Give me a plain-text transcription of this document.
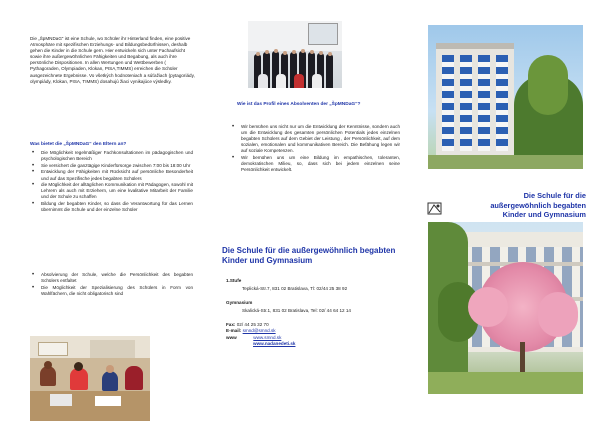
Die „ŠpMNDaG“ ist eine Schule, wo Schüler ihr Hinterland finden, eine positive Atmosphäre mit spezifischen Erziehungs- und Bildungsbedürfnissen, deshalb gehen die Kinder in die Schule gern. Hier entwickeln sich unter Fachaufsicht sowie ihre außergewöhnlichen Fähigkeiten und Begabung, als auch ihre persönliche Dispositionen. In allen Wertungen und Wettbewerben ( Pythagoraden, Olympiaden, Klokan, PISA,TIMMS) erreichen die Schüler ausgezeichnete Ergebnisse. Vo všetkých hodnoteniach a súťažiach (pytagoriády, olympiády, Klokan, PISA, TIMMS) dosahujú žiaci vynikajúce výsledky.

Was bietet die „ŠpMNDaG“ den Eltern an?
• Die Möglichkeit regelmäßiger Fachkonsultationen im pädagogischen und psychologischen Bereich
• Sie versichert die ganztägige Kinderfürsorge zwischen 7:00 bis 18:00 Uhr
• Entwicklung der Fähigkeiten mit Rücksicht auf persönliche Besonderheit und auf das Spezifische jedes begabten Schülers
• die Möglichkeit der alltäglichen Kommunikation mit Pädagogen, sowohl mit Lehrern als auch mit Erziehern, um eine kvalitative Mitarbeit der Familie und der Schule zu schaffen
• Bildung der begabten Kinder, so dass die Verantwortung für das Lernen übernimmt die Schule und der einzelne Schüler
• Absolvierung der Schule, welche die Persönlichkeit des begabten Schülers entfaltet
• Die Möglichkeit der Spezialisierung des Schülers in Form von Wahlfächern, die nicht obligatorisch sind
Wie ist das Profil eines Absolventen der „ŠpMNDaG“?
• Wir bemühen uns nicht nur um die Entwicklung der Kenntnisse, sondern auch um die Entwicklung des gesamten persönlichen Potentials jedes einzelnen begabten Schülers auf dem Gebiet der Leistung , der Persönlichkeit, auf dem sozialen, emotionalen und kommunikativen Bereich. Die Befähung legen wir auf soziale Kompetenzen.
• Wir bemühen uns um eine Bildung im empathischen, toleranten, demokratischen Milieu, so, dass sich bei jedem einzelnen seine Persönlichkeit entwickelt.
Die Schule für die außergewöhnlich begabten Kinder und Gymnasium
1.Stufe
Teplická-Str.7, 831 02 Bratislava, Tl: 02/44 25 38 92
Gymnasium
Skalická-Str.1, 831 02 Bratislava, Tel: 02/ 44 64 12 14
Fax: 02/ 44 25 32 70
E-mail: smnd@smnd.sk
www	www.smnd.sk
www.nadanedeti.sk
Die Schule für die
außergewöhnlich begabten
Kinder und Gymnasium
